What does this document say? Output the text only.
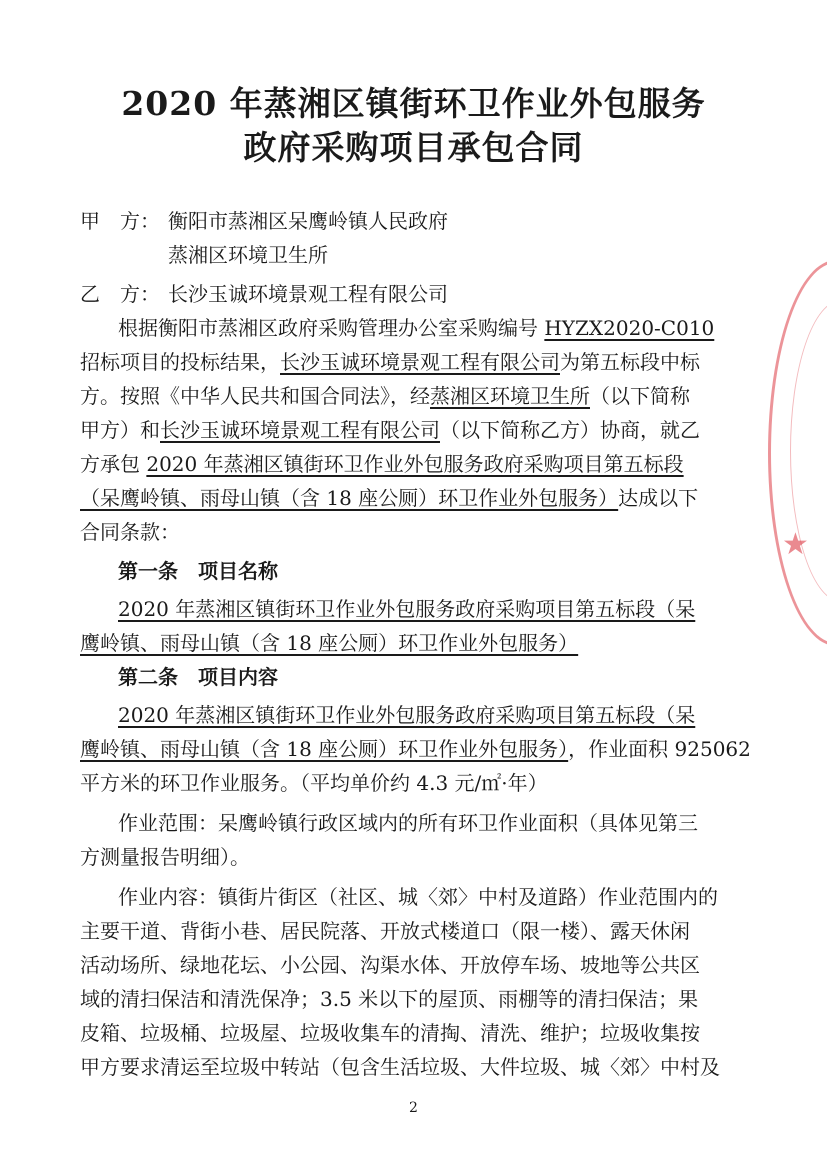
2020 年蒸湘区镇街环卫作业外包服务
政府采购项目承包合同
甲　方： 衡阳市蒸湘区呆鹰岭镇人民政府
蒸湘区环境卫生所
乙　方： 长沙玉诚环境景观工程有限公司
根据衡阳市蒸湘区政府采购管理办公室采购编号 HYZX2020-C010
招标项目的投标结果，长沙玉诚环境景观工程有限公司为第五标段中标
方。按照《中华人民共和国合同法》，经蒸湘区环境卫生所（以下简称
甲方）和长沙玉诚环境景观工程有限公司（以下简称乙方）协商，就乙
方承包 2020 年蒸湘区镇街环卫作业外包服务政府采购项目第五标段
（呆鹰岭镇、雨母山镇（含 18 座公厕）环卫作业外包服务）达成以下
合同条款：
第一条　项目名称
2020 年蒸湘区镇街环卫作业外包服务政府采购项目第五标段（呆
鹰岭镇、雨母山镇（含 18 座公厕）环卫作业外包服务）
第二条　项目内容
2020 年蒸湘区镇街环卫作业外包服务政府采购项目第五标段（呆
鹰岭镇、雨母山镇（含 18 座公厕）环卫作业外包服务），作业面积 925062
平方米的环卫作业服务。（平均单价约 4.3 元/㎡·年）
作业范围：呆鹰岭镇行政区域内的所有环卫作业面积（具体见第三
方测量报告明细）。
作业内容：镇街片街区（社区、城〈郊〉中村及道路）作业范围内的
主要干道、背街小巷、居民院落、开放式楼道口（限一楼）、露天休闲
活动场所、绿地花坛、小公园、沟渠水体、开放停车场、坡地等公共区
域的清扫保洁和清洗保净；3.5 米以下的屋顶、雨棚等的清扫保洁；果
皮箱、垃圾桶、垃圾屋、垃圾收集车的清掏、清洗、维护；垃圾收集按
甲方要求清运至垃圾中转站（包含生活垃圾、大件垃圾、城〈郊〉中村及
★
2
